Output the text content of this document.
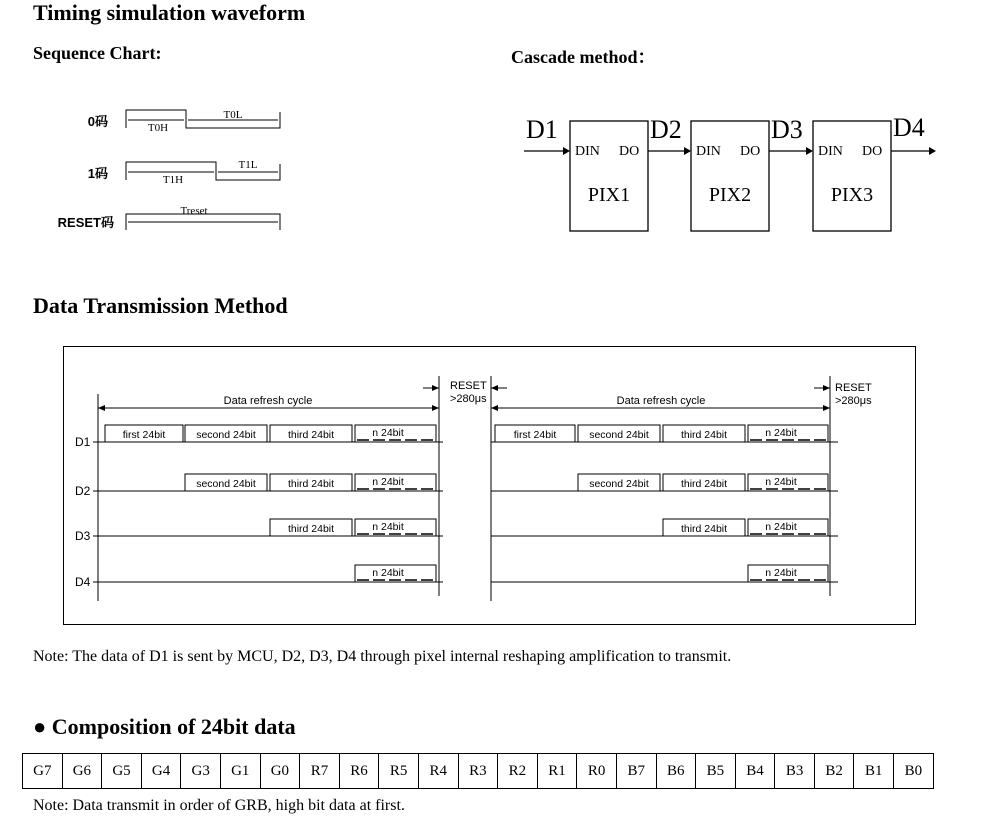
Timing simulation waveform
Sequence Chart:
0码	T0H
T0L
1码	T1H
T1L
RESET码
Treset
Cascade method：
D1	D2	D3	D4
DIN DO	DIN DO	DIN DO
PIX1	PIX2	PIX3
Data Transmission Method
Data refresh cycle	Data refresh cycle
RESET
>280μs
RESET
>280μs
D1
D2
D3
D4
first 24bit	second 24bit	third 24bit	n 24bit
second 24bit	third 24bit	n 24bit
third 24bit	n 24bit
n 24bit
first 24bit	second 24bit	third 24bit	n 24bit
second 24bit	third 24bit	n 24bit
third 24bit	n 24bit
n 24bit
Note: The data of D1 is sent by MCU, D2, D3, D4 through pixel internal reshaping amplification to transmit.
● Composition of 24bit data
G7	G6	G5	G4	G3	G1	G0	R7	R6	R5	R4	R3	R2	R1	R0	B7	B6	B5	B4	B3	B2	B1	B0
Note: Data transmit in order of GRB, high bit data at first.
